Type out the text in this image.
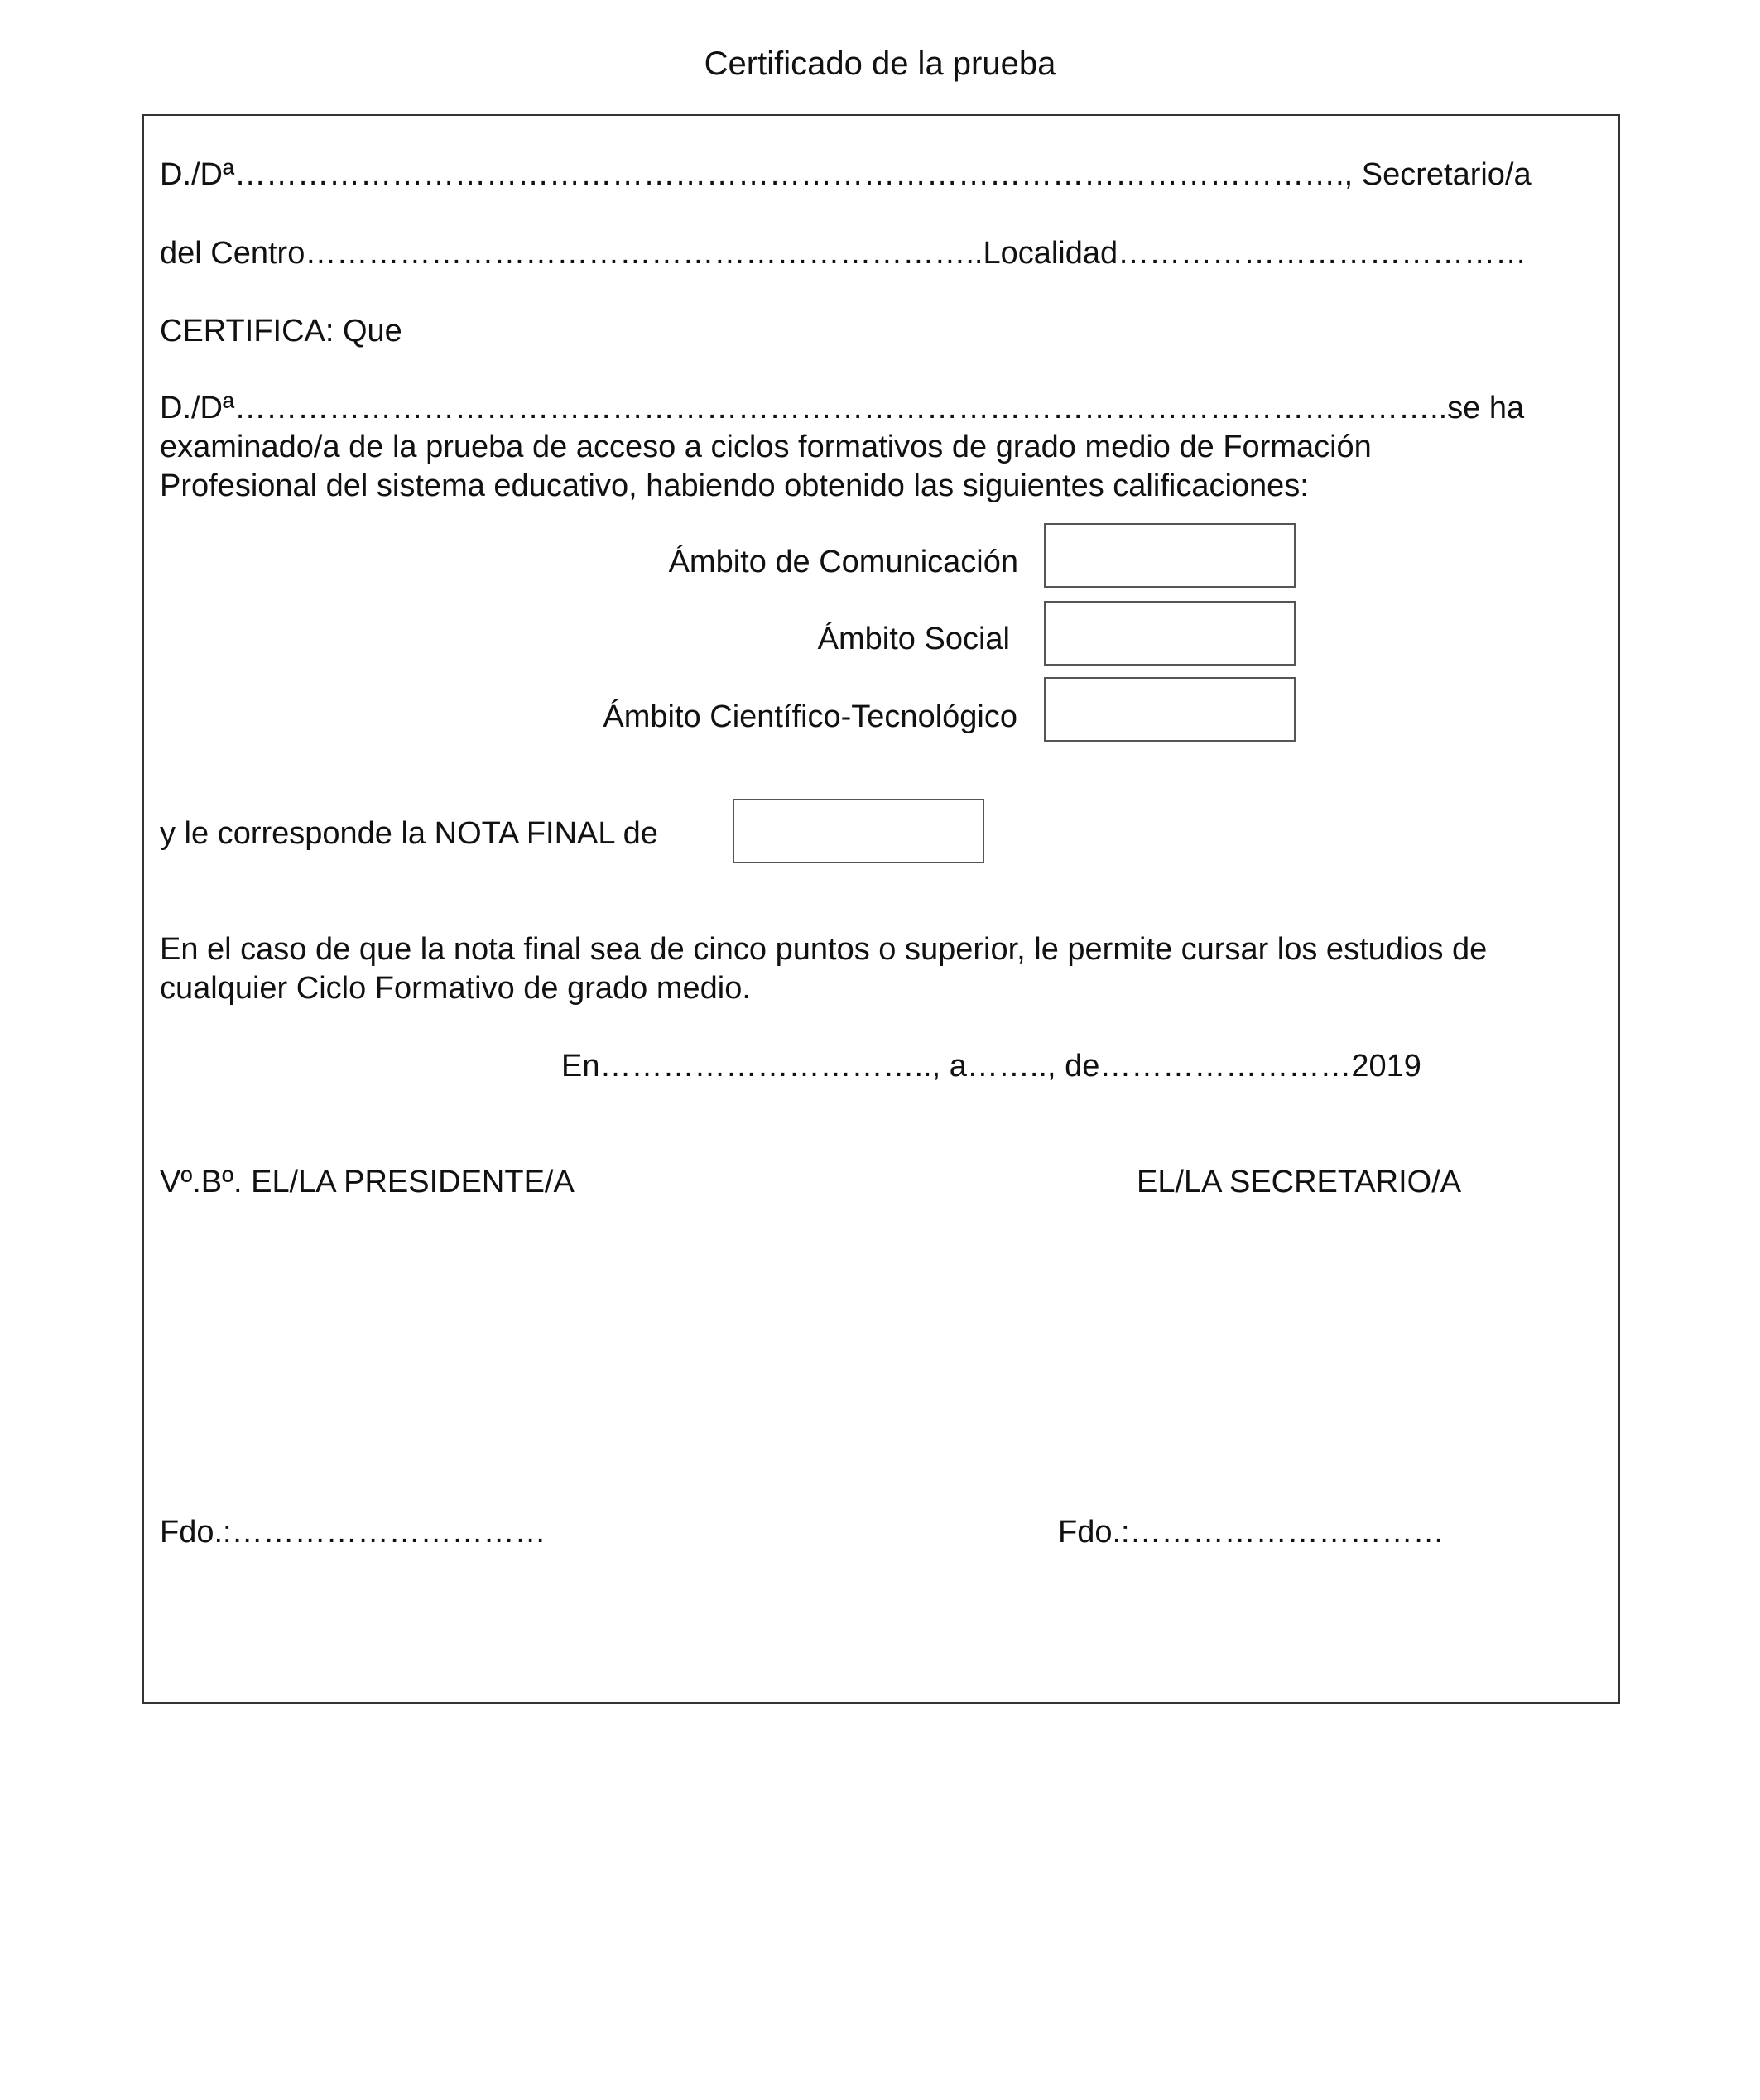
Certificado de la prueba
D./Dª……………………………………………………………………………………………., Secretario/a
del Centro………………………………………………………..Localidad…………………………………
CERTIFICA: Que
D./Dª……………………………………………………………………………………………………..se ha
examinado/a de la prueba de acceso a ciclos formativos de grado medio de Formación
Profesional del sistema educativo, habiendo obtenido las siguientes calificaciones:
Ámbito de Comunicación
Ámbito Social
Ámbito Científico-Tecnológico
y le corresponde la NOTA FINAL de
En el caso de que la nota final sea de cinco puntos o superior, le permite cursar los estudios de
cualquier Ciclo Formativo de grado medio.
En………………………….., a…….., de……………………2019
Vº.Bº. EL/LA PRESIDENTE/A	EL/LA SECRETARIO/A
Fdo.:…………………………	Fdo.:…………………………
